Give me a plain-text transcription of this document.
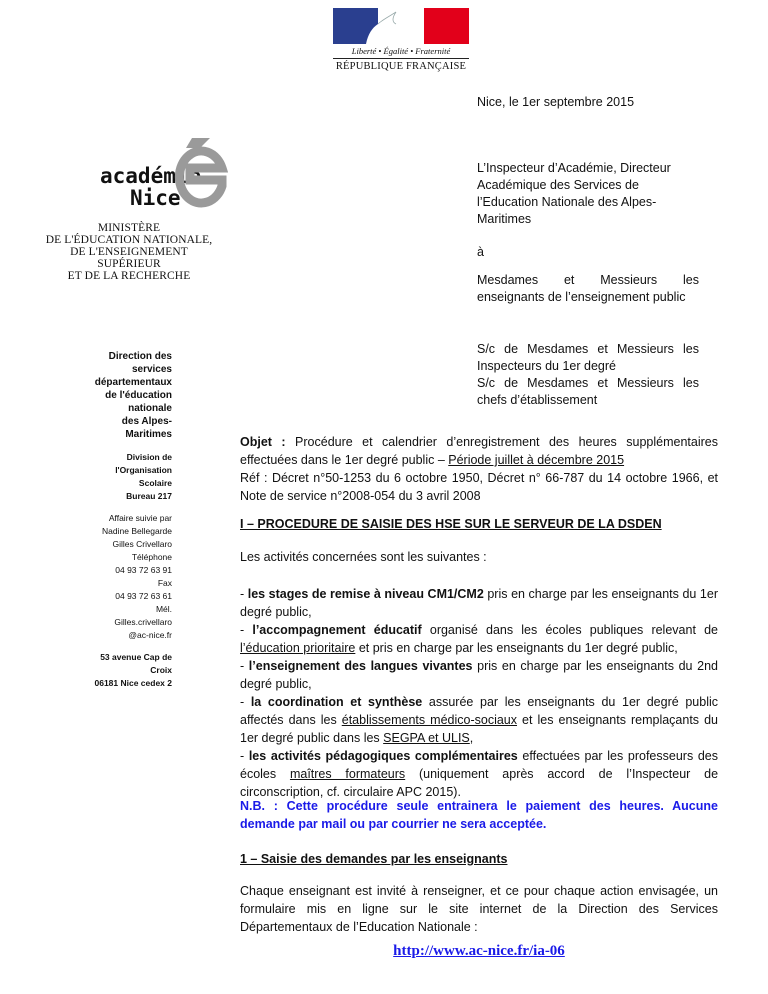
Liberté • Égalité • Fraternité
RÉPUBLIQUE FRANÇAISE
académie
Nice
MINISTÈRE
DE L'ÉDUCATION NATIONALE,
DE L'ENSEIGNEMENT SUPÉRIEUR
ET DE LA RECHERCHE
Direction des
services
départementaux
de l'éducation
nationale
des Alpes-
Maritimes
Division de
l'Organisation
Scolaire
Bureau 217
Affaire suivie par
Nadine Bellegarde
Gilles Crivellaro
Téléphone
04 93 72 63 91
Fax
04 93 72 63 61
Mél.
Gilles.crivellaro
@ac-nice.fr
53 avenue Cap de
Croix
06181 Nice cedex 2
Nice, le 1er septembre 2015
L’Inspecteur d’Académie, Directeur Académique des Services de l’Education Nationale des Alpes-Maritimes
à
Mesdames et Messieurs les enseignants de l’enseignement public
S/c de Mesdames et Messieurs les Inspecteurs du 1er degré
S/c de Mesdames et Messieurs les chefs d’établissement
Objet : Procédure et calendrier d’enregistrement des heures supplémentaires effectuées dans le 1er degré public – Période juillet à décembre 2015
Réf : Décret n°50-1253 du 6 octobre 1950, Décret n° 66-787 du 14 octobre 1966, et Note de service n°2008-054 du 3 avril 2008
I – PROCEDURE DE SAISIE DES HSE SUR LE SERVEUR DE LA DSDEN
Les activités concernées sont les suivantes :

- les stages de remise à niveau CM1/CM2 pris en charge par les enseignants du 1er degré public,

- l’accompagnement éducatif organisé dans les écoles publiques relevant de l’éducation prioritaire et pris en charge par les enseignants du 1er degré public,

- l’enseignement des langues vivantes pris en charge par les enseignants du 2nd degré public,

- la coordination et synthèse assurée par les enseignants du 1er degré public affectés dans les établissements médico-sociaux et les enseignants remplaçants du 1er degré public dans les SEGPA et ULIS,

- les activités pédagogiques complémentaires effectuées par les professeurs des écoles maîtres formateurs (uniquement après accord de l’Inspecteur de circonscription, cf. circulaire APC 2015).

N.B. : Cette procédure seule entrainera le paiement des heures. Aucune demande par mail ou par courrier ne sera acceptée.
1 – Saisie des demandes par les enseignants
Chaque enseignant est invité à renseigner, et ce pour chaque action envisagée, un formulaire mis en ligne sur le site internet de la Direction des Services Départementaux de l’Education Nationale :
http://www.ac-nice.fr/ia-06
